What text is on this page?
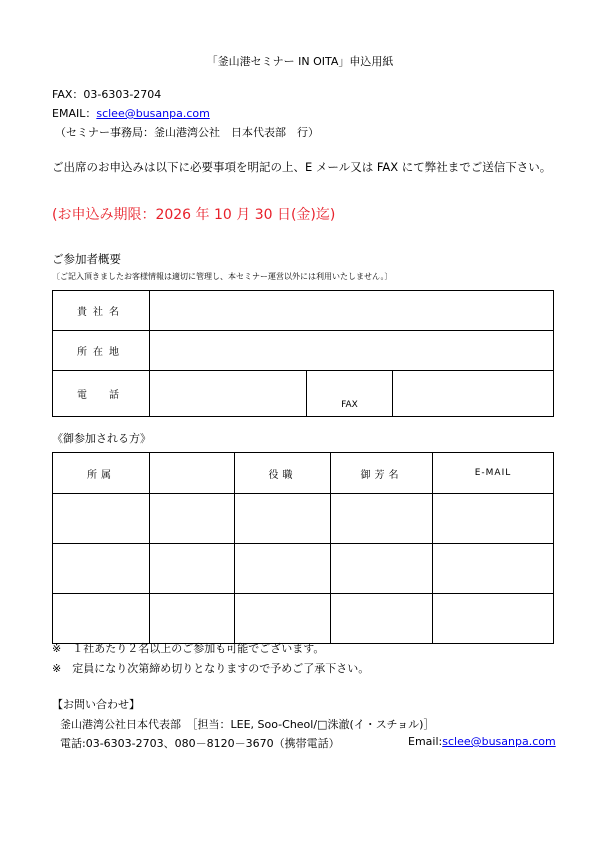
「釜山港セミナー IN OITA」申込用紙
FAX：03-6303-2704
EMAIL：sclee@busanpa.com
（セミナー事務局：釜山港湾公社　日本代表部　行）
ご出席のお申込みは以下に必要事項を明記の上、E メール又は FAX にて弊社までご送信下さい。
(お申込み期限：2026 年 10 月 30 日(金)迄)
ご参加者概要
〔ご記入頂きましたお客様情報は適切に管理し、本セミナー運営以外には利用いたしません。〕
貴社名			
所在地			
電　話		FAX	
《御参加される方》
所属		役職	御芳名	E-MAIL

※　１社あたり２名以上のご参加も可能でございます。
※　定員になり次第締め切りとなりますので予めご了承下さい。
【お問い合わせ】
釜山港湾公社日本代表部　［担当：LEE, Soo-Cheol/□洙澈(イ・スチョル)］
電話:03-6303-2703、080－8120－3670（携帯電話）	Email:sclee@busanpa.com
